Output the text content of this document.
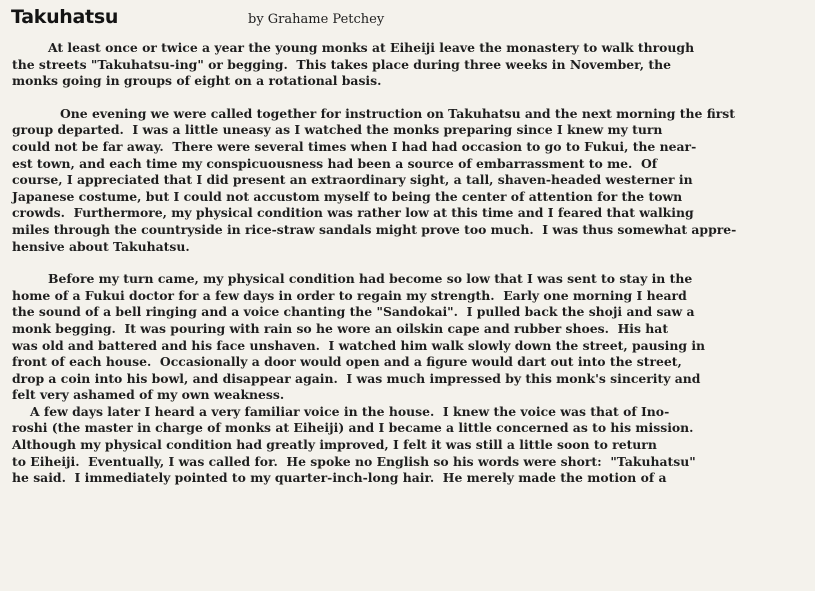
Takuhatsu	by Grahame Petchey
At least once or twice a year the young monks at Eiheiji leave the monastery to walk through
the streets "Takuhatsu-ing" or begging.  This takes place during three weeks in November, the
monks going in groups of eight on a rotational basis.
One evening we were called together for instruction on Takuhatsu and the next morning the first
group departed.  I was a little uneasy as I watched the monks preparing since I knew my turn
could not be far away.  There were several times when I had had occasion to go to Fukui, the near-
est town, and each time my conspicuousness had been a source of embarrassment to me.  Of
course, I appreciated that I did present an extraordinary sight, a tall, shaven-headed westerner in
Japanese costume, but I could not accustom myself to being the center of attention for the town
crowds.  Furthermore, my physical condition was rather low at this time and I feared that walking
miles through the countryside in rice-straw sandals might prove too much.  I was thus somewhat appre-
hensive about Takuhatsu.
Before my turn came, my physical condition had become so low that I was sent to stay in the
home of a Fukui doctor for a few days in order to regain my strength.  Early one morning I heard
the sound of a bell ringing and a voice chanting the "Sandokai".  I pulled back the shoji and saw a
monk begging.  It was pouring with rain so he wore an oilskin cape and rubber shoes.  His hat
was old and battered and his face unshaven.  I watched him walk slowly down the street, pausing in
front of each house.  Occasionally a door would open and a figure would dart out into the street,
drop a coin into his bowl, and disappear again.  I was much impressed by this monk's sincerity and
felt very ashamed of my own weakness.
A few days later I heard a very familiar voice in the house.  I knew the voice was that of Ino-
roshi (the master in charge of monks at Eiheiji) and I became a little concerned as to his mission.
Although my physical condition had greatly improved, I felt it was still a little soon to return
to Eiheiji.  Eventually, I was called for.  He spoke no English so his words were short:  "Takuhatsu"
he said.  I immediately pointed to my quarter-inch-long hair.  He merely made the motion of a
